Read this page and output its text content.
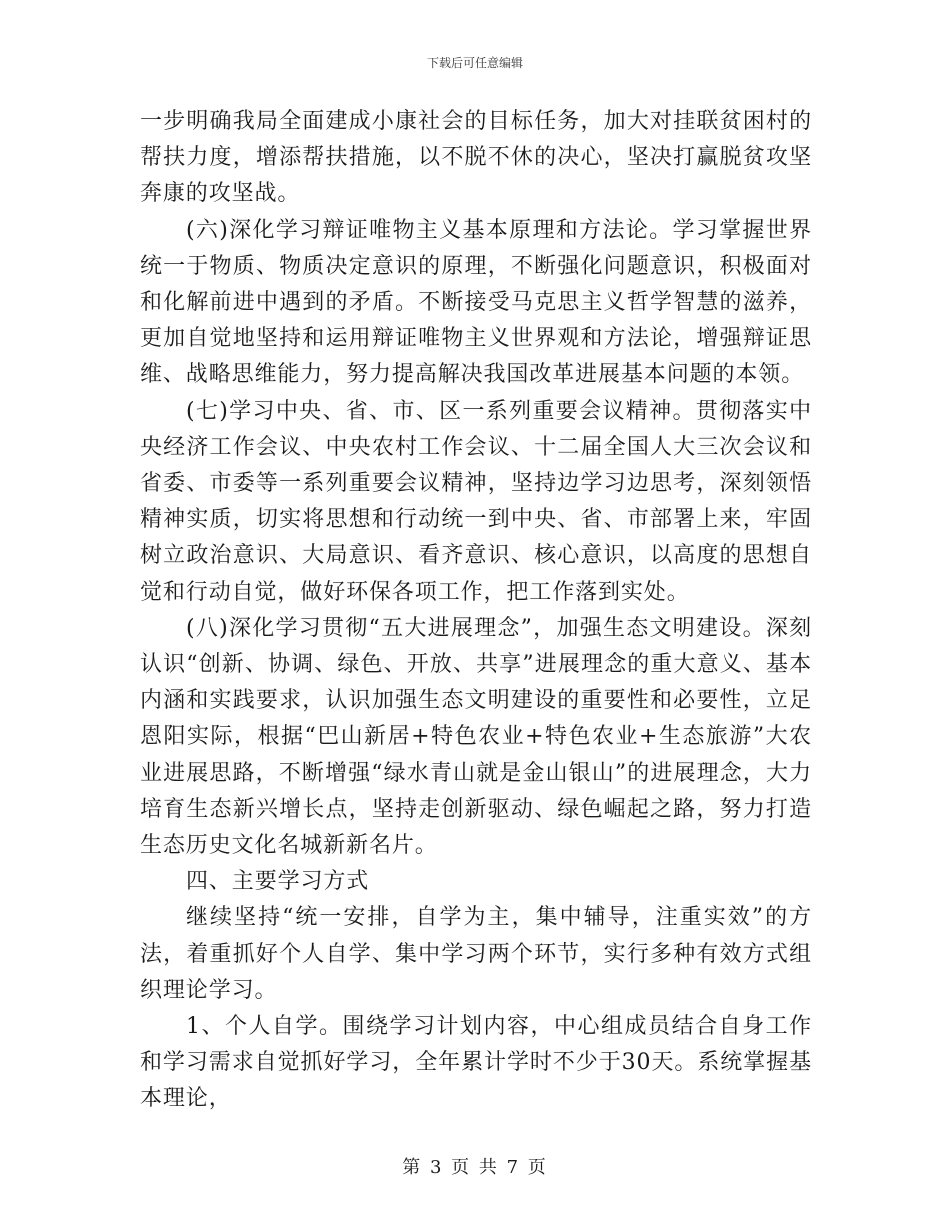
下载后可任意编辑

一步明确我局全面建成小康社会的目标任务，加大对挂联贫困村的帮扶力度，增添帮扶措施，以不脱不休的决心，坚决打赢脱贫攻坚奔康的攻坚战。

(六)深化学习辩证唯物主义基本原理和方法论。学习掌握世界统一于物质、物质决定意识的原理，不断强化问题意识，积极面对和化解前进中遇到的矛盾。不断接受马克思主义哲学智慧的滋养，更加自觉地坚持和运用辩证唯物主义世界观和方法论，增强辩证思维、战略思维能力，努力提高解决我国改革进展基本问题的本领。

(七)学习中央、省、市、区一系列重要会议精神。贯彻落实中央经济工作会议、中央农村工作会议、十二届全国人大三次会议和省委、市委等一系列重要会议精神，坚持边学习边思考，深刻领悟精神实质，切实将思想和行动统一到中央、省、市部署上来，牢固树立政治意识、大局意识、看齐意识、核心意识，以高度的思想自觉和行动自觉，做好环保各项工作，把工作落到实处。

(八)深化学习贯彻“五大进展理念”，加强生态文明建设。深刻认识“创新、协调、绿色、开放、共享”进展理念的重大意义、基本内涵和实践要求，认识加强生态文明建设的重要性和必要性，立足恩阳实际，根据“巴山新居+特色农业+特色农业+生态旅游”大农业进展思路，不断增强“绿水青山就是金山银山”的进展理念，大力培育生态新兴增长点，坚持走创新驱动、绿色崛起之路，努力打造生态历史文化名城新新名片。

四、主要学习方式

继续坚持“统一安排，自学为主，集中辅导，注重实效”的方法，着重抓好个人自学、集中学习两个环节，实行多种有效方式组织理论学习。

1、个人自学。围绕学习计划内容，中心组成员结合自身工作和学习需求自觉抓好学习，全年累计学时不少于30天。系统掌握基本理论，

第 3 页 共 7 页
